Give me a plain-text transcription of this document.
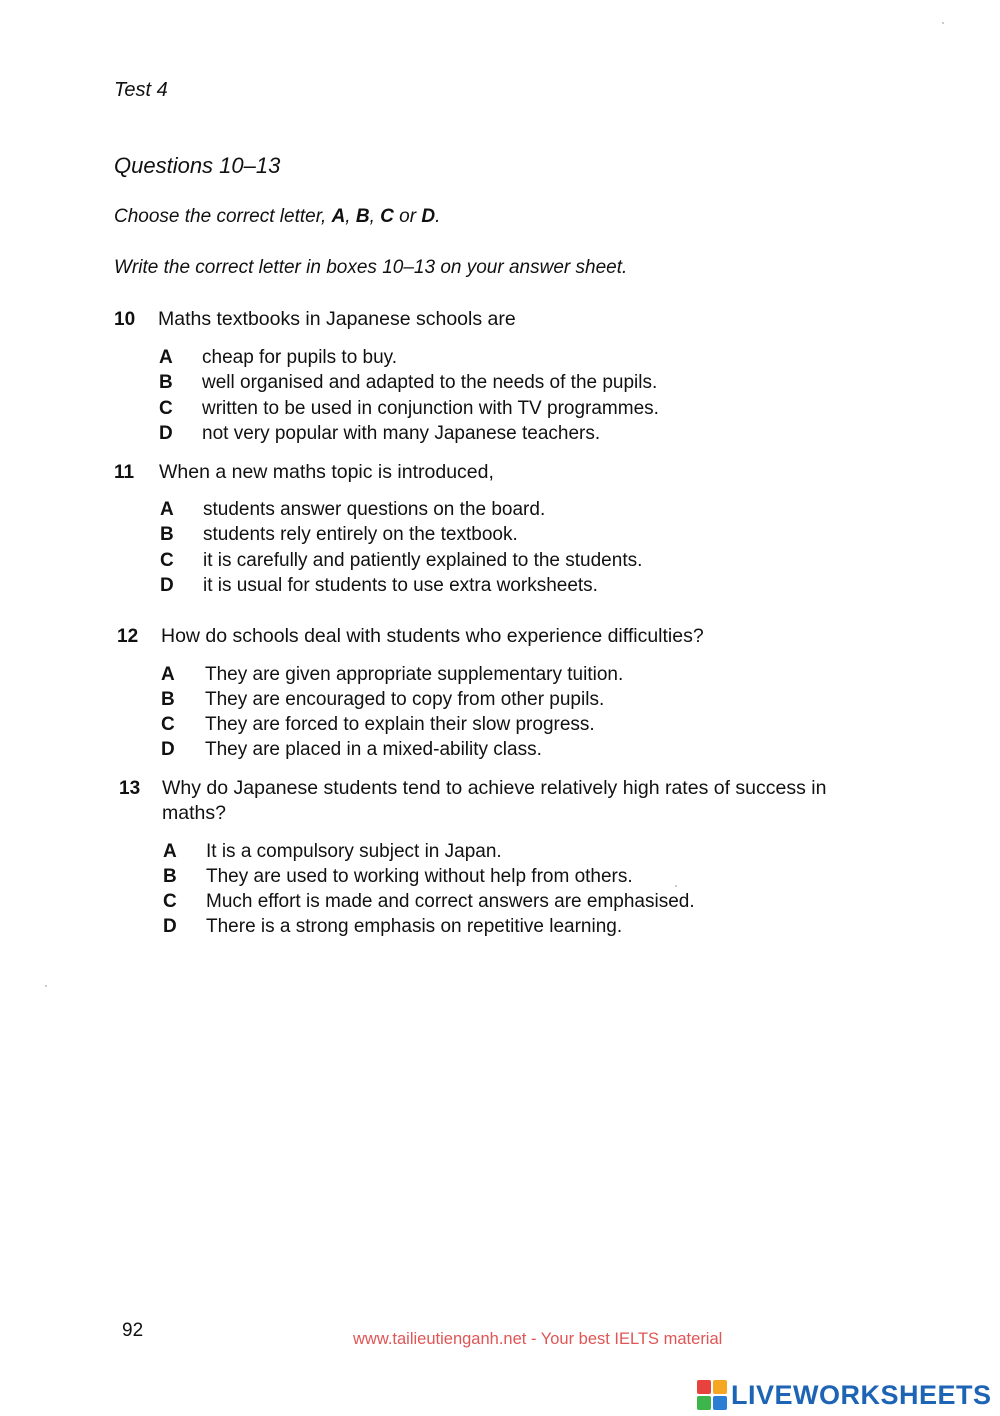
Test 4
Questions 10–13
Choose the correct letter, A, B, C or D.
Write the correct letter in boxes 10–13 on your answer sheet.
10 Maths textbooks in Japanese schools are
A cheap for pupils to buy.
B well organised and adapted to the needs of the pupils.
C written to be used in conjunction with TV programmes.
D not very popular with many Japanese teachers.
11 When a new maths topic is introduced,
A students answer questions on the board.
B students rely entirely on the textbook.
C it is carefully and patiently explained to the students.
D it is usual for students to use extra worksheets.
12 How do schools deal with students who experience difficulties?
A They are given appropriate supplementary tuition.
B They are encouraged to copy from other pupils.
C They are forced to explain their slow progress.
D They are placed in a mixed-ability class.
13 Why do Japanese students tend to achieve relatively high rates of success in
maths?
A It is a compulsory subject in Japan.
B They are used to working without help from others.
C Much effort is made and correct answers are emphasised.
D There is a strong emphasis on repetitive learning.
92	www.tailieutienganh.net - Your best IELTS material
LIVEWORKSHEETS
